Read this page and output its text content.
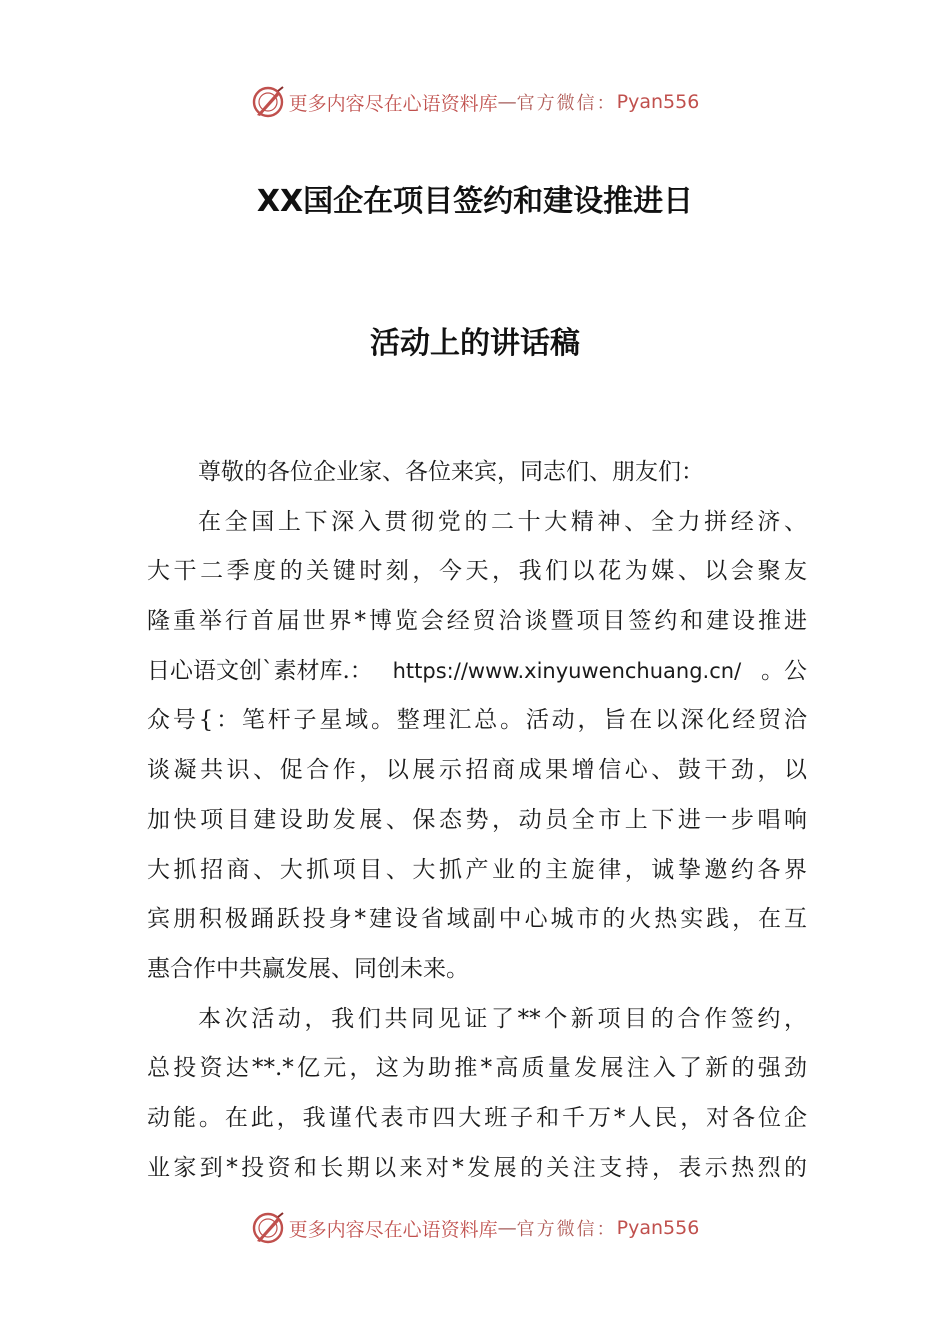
更多内容尽在心语资料库 — 官方微信： Pyan556
XX国企在项目签约和建设推进日
活动上的讲话稿
尊敬的各位企业家、各位来宾，同志们、朋友们：
在全国上下深入贯彻党的二十大精神、全力拼经济、
大干二季度的关键时刻，今天，我们以花为媒、以会聚友
隆重举行首届世界*博览会经贸洽谈暨项目签约和建设推进
日心语文创`素材库.： https://www.xinyuwenchuang.cn/ 。公
众号{：笔杆子星域。整理汇总。活动，旨在以深化经贸洽
谈凝共识、促合作，以展示招商成果增信心、鼓干劲，以
加快项目建设助发展、保态势，动员全市上下进一步唱响
大抓招商、大抓项目、大抓产业的主旋律，诚挚邀约各界
宾朋积极踊跃投身*建设省域副中心城市的火热实践，在互
惠合作中共赢发展、同创未来。
本次活动，我们共同见证了**个新项目的合作签约，
总投资达**.*亿元，这为助推*高质量发展注入了新的强劲
动能。在此，我谨代表市四大班子和千万*人民，对各位企
业家到*投资和长期以来对*发展的关注支持，表示热烈的
更多内容尽在心语资料库 — 官方微信： Pyan556
